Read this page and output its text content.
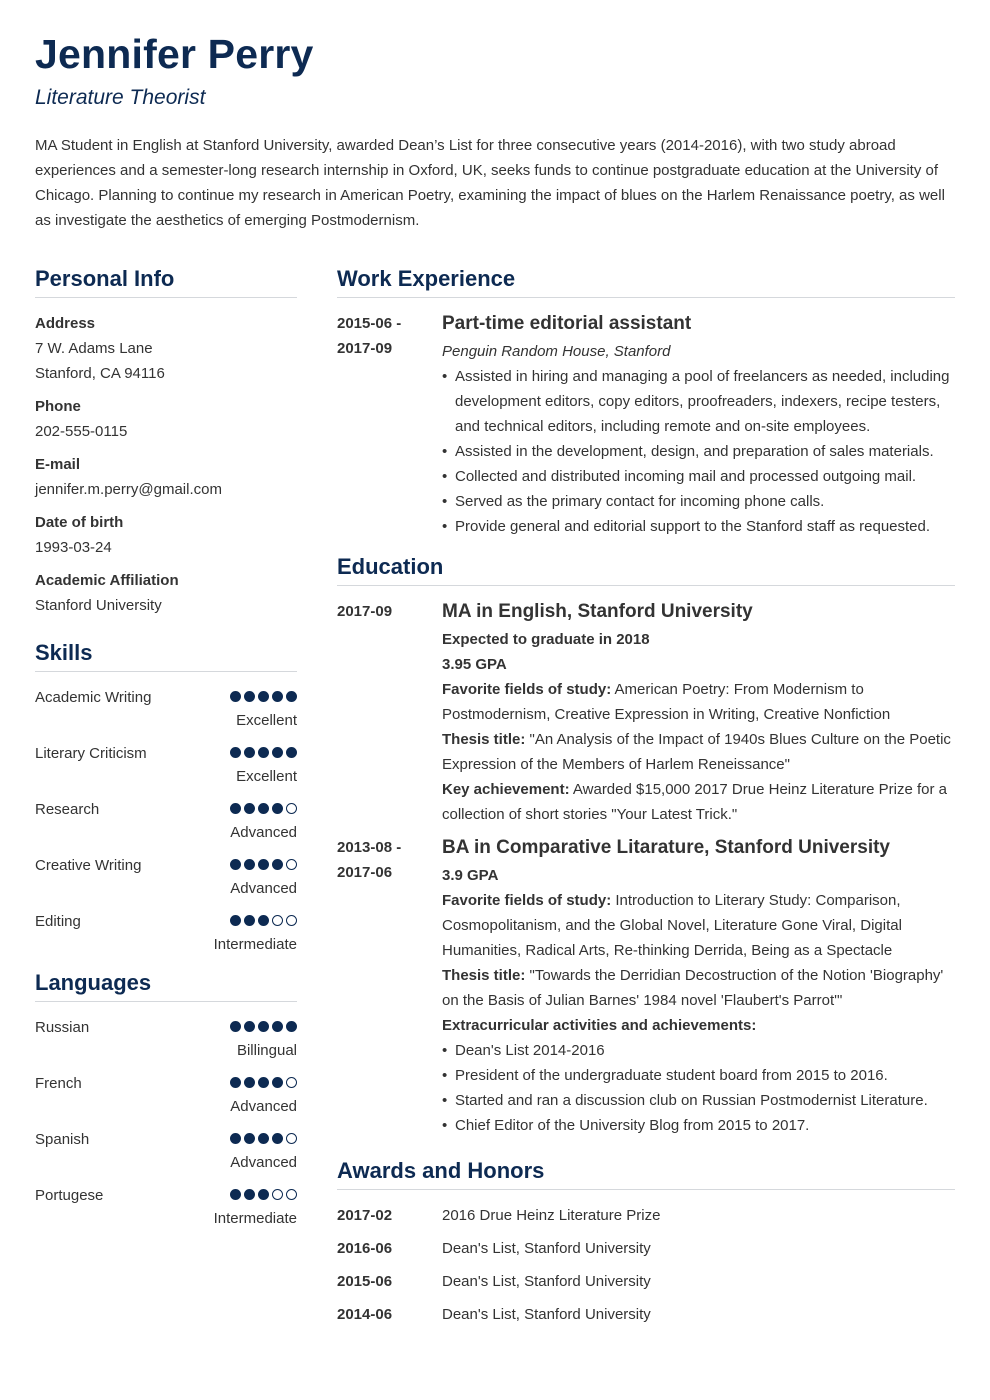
Jennifer Perry
Literature Theorist
MA Student in English at Stanford University, awarded Dean’s List for three consecutive years (2014-2016), with two study abroad experiences and a semester-long research internship in Oxford, UK, seeks funds to continue postgraduate education at the University of Chicago. Planning to continue my research in American Poetry, examining the impact of blues on the Harlem Renaissance poetry, as well as investigate the aesthetics of emerging Postmodernism.
Personal Info
Address
7 W. Adams Lane
Stanford, CA 94116
Phone
202-555-0115
E-mail
jennifer.m.perry@gmail.com
Date of birth
1993-03-24
Academic Affiliation
Stanford University
Skills
Academic Writing
Excellent
Literary Criticism
Excellent
Research
Advanced
Creative Writing
Advanced
Editing
Intermediate
Languages
Russian
Billingual
French
Advanced
Spanish
Advanced
Portugese
Intermediate
Work Experience
2015-06 -
2017-09
Part-time editorial assistant
Penguin Random House, Stanford
• Assisted in hiring and managing a pool of freelancers as needed, including development editors, copy editors, proofreaders, indexers, recipe testers, and technical editors, including remote and on-site employees.
• Assisted in the development, design, and preparation of sales materials.
• Collected and distributed incoming mail and processed outgoing mail.
• Served as the primary contact for incoming phone calls.
• Provide general and editorial support to the Stanford staff as requested.
Education
2017-09	MA in English, Stanford University
Expected to graduate in 2018
3.95 GPA
Favorite fields of study: American Poetry: From Modernism to Postmodernism, Creative Expression in Writing, Creative Nonfiction
Thesis title: "An Analysis of the Impact of 1940s Blues Culture on the Poetic Expression of the Members of Harlem Reneissance"
Key achievement: Awarded $15,000 2017 Drue Heinz Literature Prize for a collection of short stories "Your Latest Trick."
2013-08 -
2017-06
BA in Comparative Litarature, Stanford University
3.9 GPA
Favorite fields of study: Introduction to Literary Study: Comparison, Cosmopolitanism, and the Global Novel, Literature Gone Viral, Digital Humanities, Radical Arts, Re-thinking Derrida, Being as a Spectacle
Thesis title: "Towards the Derridian Decostruction of the Notion 'Biography' on the Basis of Julian Barnes' 1984 novel 'Flaubert's Parrot'"
Extracurricular activities and achievements:
• Dean's List 2014-2016
• President of the undergraduate student board from 2015 to 2016.
• Started and ran a discussion club on Russian Postmodernist Literature.
• Chief Editor of the University Blog from 2015 to 2017.
Awards and Honors
2017-02	2016 Drue Heinz Literature Prize
2016-06	Dean's List, Stanford University
2015-06	Dean's List, Stanford University
2014-06	Dean's List, Stanford University
